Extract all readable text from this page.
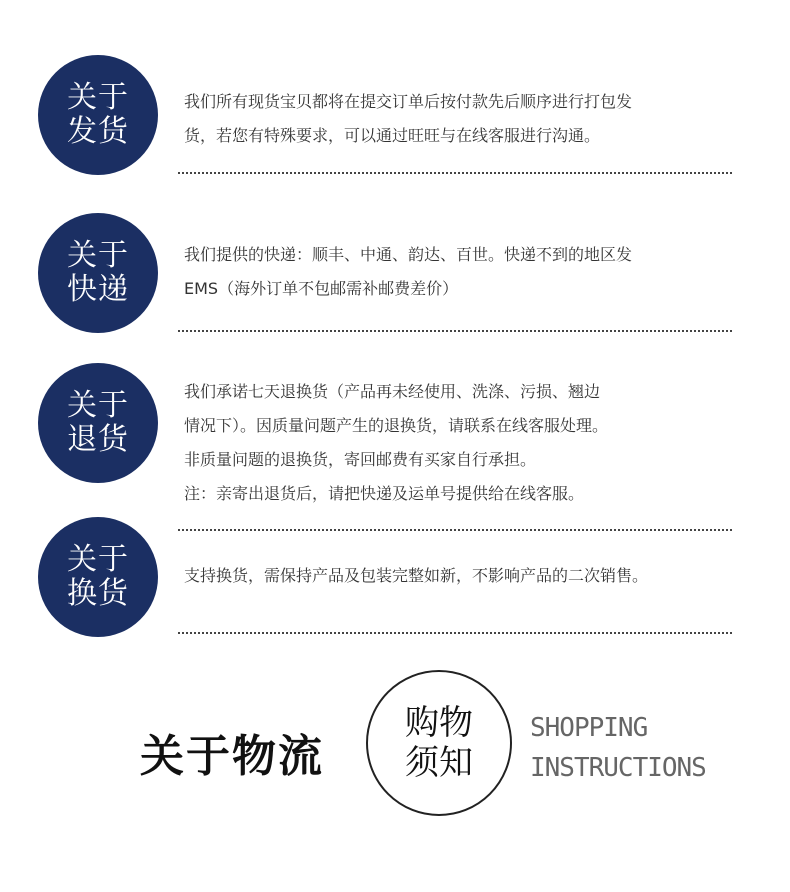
关于
发货

我们所有现货宝贝都将在提交订单后按付款先后顺序进行打包发

货，若您有特殊要求，可以通过旺旺与在线客服进行沟通。

关于
快递

我们提供的快递：顺丰、中通、韵达、百世。快递不到的地区发

EMS（海外订单不包邮需补邮费差价）

关于
退货

我们承诺七天退换货（产品再未经使用、洗涤、污损、翘边

情况下）。因质量问题产生的退换货，请联系在线客服处理。

非质量问题的退换货，寄回邮费有买家自行承担。

注：亲寄出退货后，请把快递及运单号提供给在线客服。

关于
换货

支持换货，需保持产品及包装完整如新，不影响产品的二次销售。

关于物流
购物
须知
SHOPPING
INSTRUCTIONS
